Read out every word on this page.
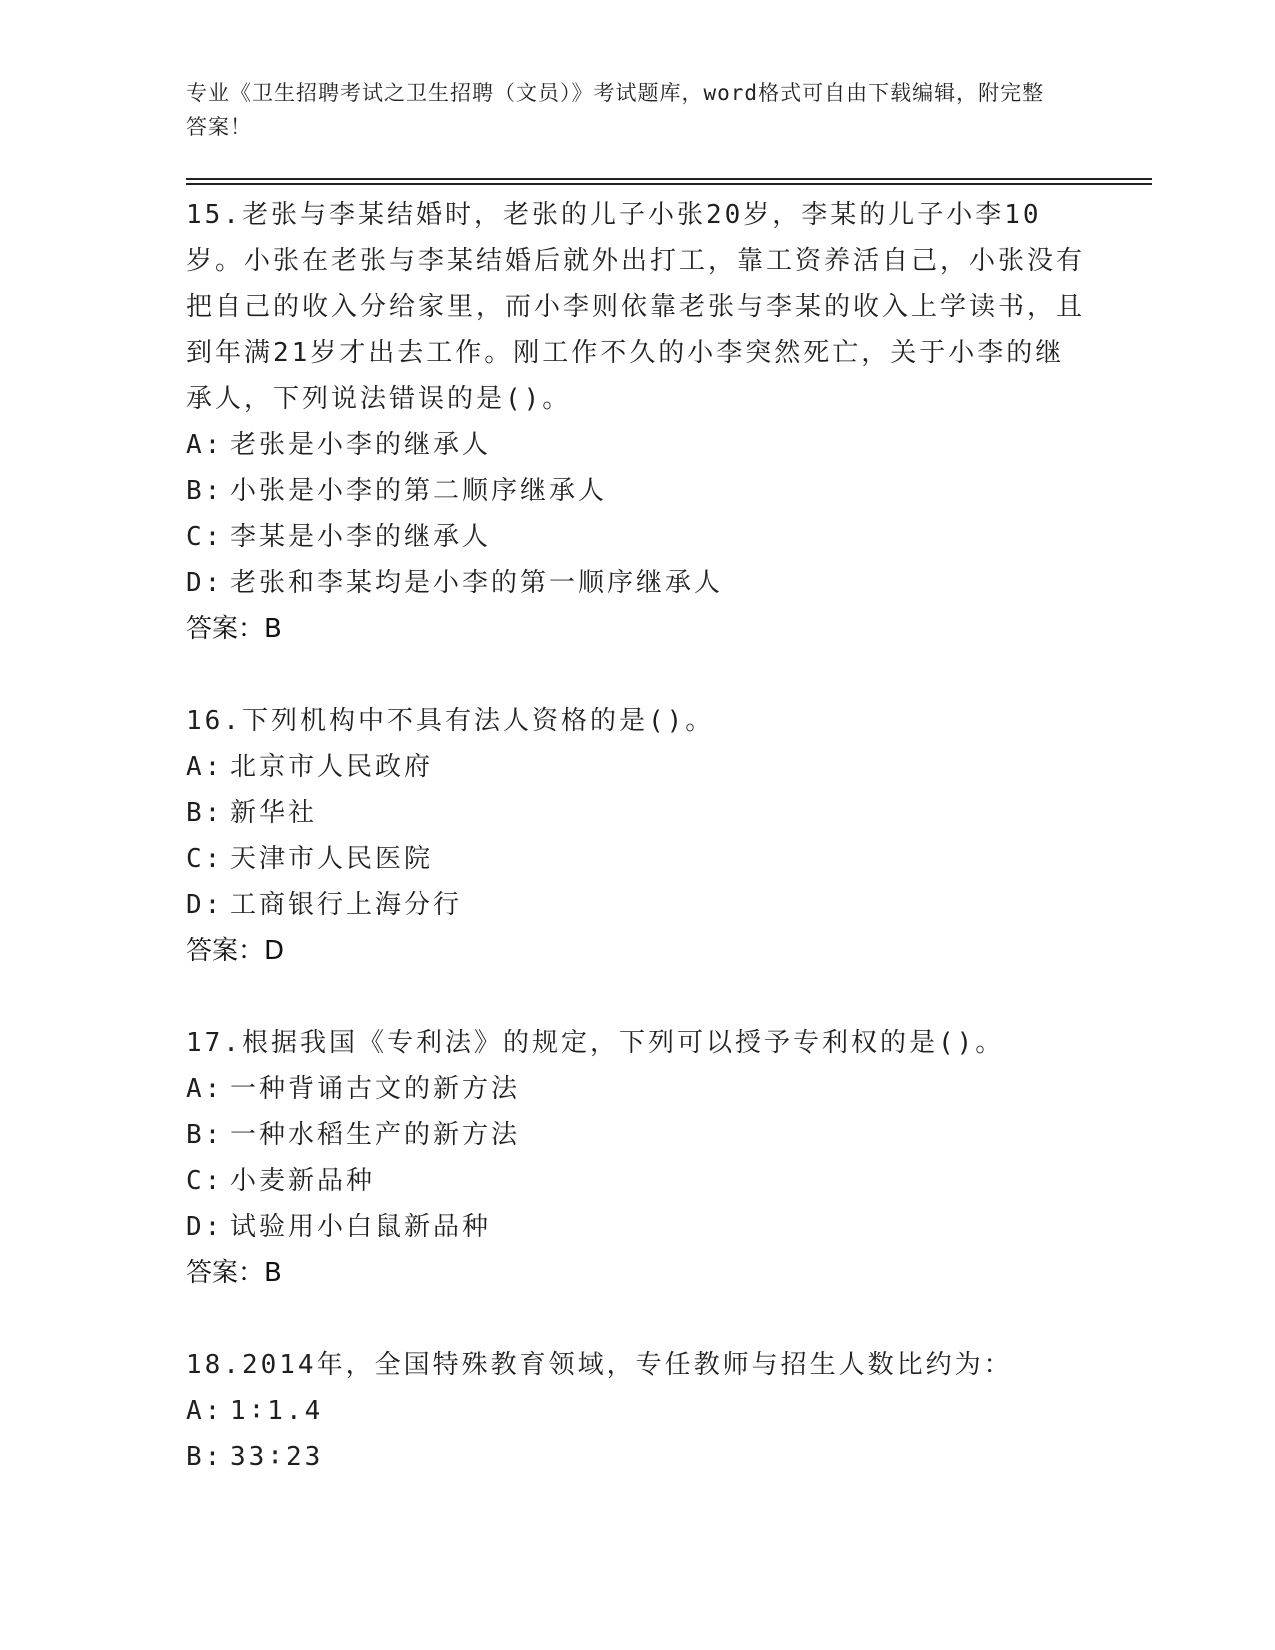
专业《卫生招聘考试之卫生招聘（文员）》考试题库，word格式可自由下载编辑，附完整答案！

15.老张与李某结婚时，老张的儿子小张20岁，李某的儿子小李10岁。小张在老张与李某结婚后就外出打工，靠工资养活自己，小张没有把自己的收入分给家里，而小李则依靠老张与李某的收入上学读书，且到年满21岁才出去工作。刚工作不久的小李突然死亡，关于小李的继承人，下列说法错误的是()。

A: 老张是小李的继承人

B: 小张是小李的第二顺序继承人

C: 李某是小李的继承人

D: 老张和李某均是小李的第一顺序继承人

答案：B

16.下列机构中不具有法人资格的是()。

A: 北京市人民政府

B: 新华社

C: 天津市人民医院

D: 工商银行上海分行

答案：D

17.根据我国《专利法》的规定，下列可以授予专利权的是()。

A: 一种背诵古文的新方法

B: 一种水稻生产的新方法

C: 小麦新品种

D: 试验用小白鼠新品种

答案：B

18.2014年，全国特殊教育领域，专任教师与招生人数比约为：

A: 1∶1.4

B: 33∶23
